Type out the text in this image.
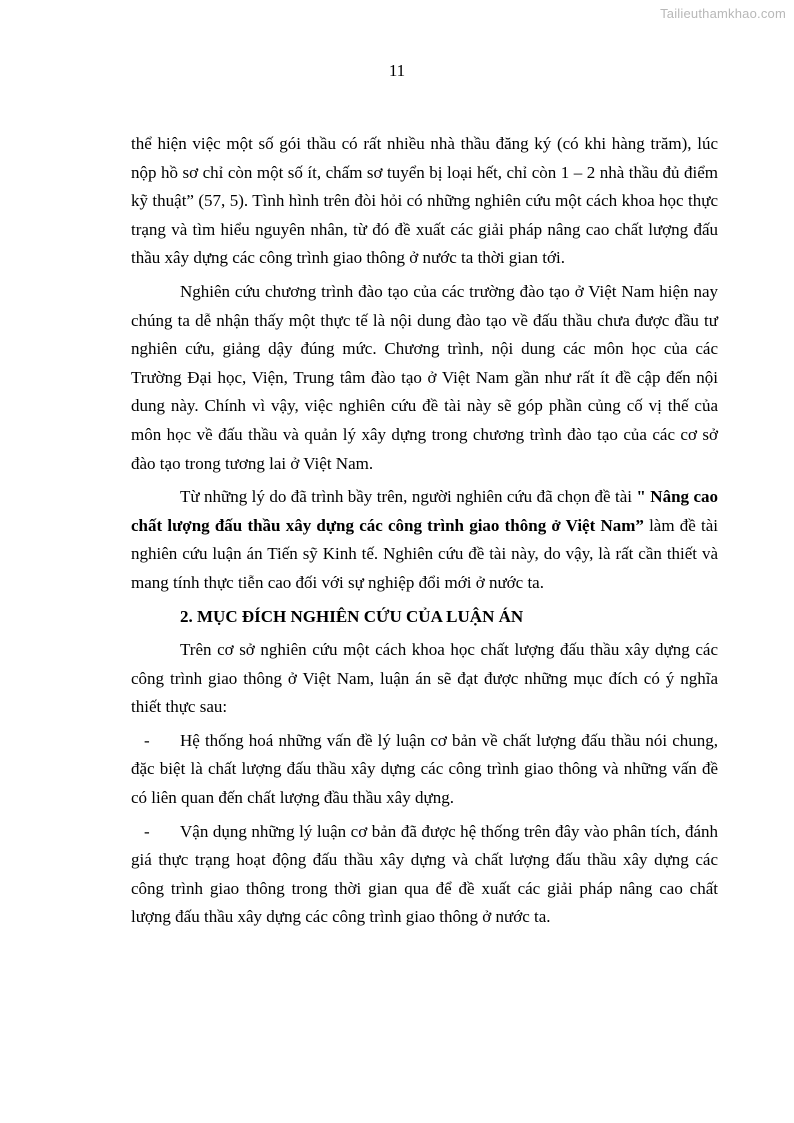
Tailieuthamkhao.com
11

thể hiện việc một số gói thầu có rất nhiều nhà thầu đăng ký (có khi hàng trăm), lúc nộp hồ sơ chỉ còn một số ít, chấm sơ tuyển bị loại hết, chỉ còn 1 – 2 nhà thầu đủ điểm kỹ thuật” (57, 5). Tình hình trên đòi hỏi có những nghiên cứu một cách khoa học thực trạng và tìm hiểu nguyên nhân, từ đó đề xuất các giải pháp nâng cao chất lượng đấu thầu xây dựng các công trình giao thông ở nước ta thời gian tới.

Nghiên cứu chương trình đào tạo của các trường đào tạo ở Việt Nam hiện nay chúng ta dễ nhận thấy một thực tế là nội dung đào tạo về đấu thầu chưa được đầu tư nghiên cứu, giảng dậy đúng mức. Chương trình, nội dung các môn học của các Trường Đại học, Viện, Trung tâm đào tạo ở Việt Nam gần như rất ít đề cập đến nội dung này. Chính vì vậy, việc nghiên cứu đề tài này sẽ góp phần củng cố vị thế của môn học về đấu thầu và quản lý xây dựng trong chương trình đào tạo của các cơ sở đào tạo trong tương lai ở Việt Nam.

Từ những lý do đã trình bầy trên, người nghiên cứu đã chọn đề tài " Nâng cao chất lượng đấu thầu xây dựng các công trình giao thông ở Việt Nam” làm đề tài nghiên cứu luận án Tiến sỹ Kinh tế. Nghiên cứu đề tài này, do vậy, là rất cần thiết và mang tính thực tiễn cao đối với sự nghiệp đổi mới ở nước ta.

2. MỤC ĐÍCH NGHIÊN CỨU CỦA LUẬN ÁN

Trên cơ sở nghiên cứu một cách khoa học chất lượng đấu thầu xây dựng các công trình giao thông ở Việt Nam, luận án sẽ đạt được những mục đích có ý nghĩa thiết thực sau:

- Hệ thống hoá những vấn đề lý luận cơ bản về chất lượng đấu thầu nói chung, đặc biệt là chất lượng đấu thầu xây dựng các công trình giao thông và những vấn đề có liên quan đến chất lượng đầu thầu xây dựng.

- Vận dụng những lý luận cơ bản đã được hệ thống trên đây vào phân tích, đánh giá thực trạng hoạt động đấu thầu xây dựng và chất lượng đấu thầu xây dựng các công trình giao thông trong thời gian qua để đề xuất các giải pháp nâng cao chất lượng đấu thầu xây dựng các công trình giao thông ở nước ta.
